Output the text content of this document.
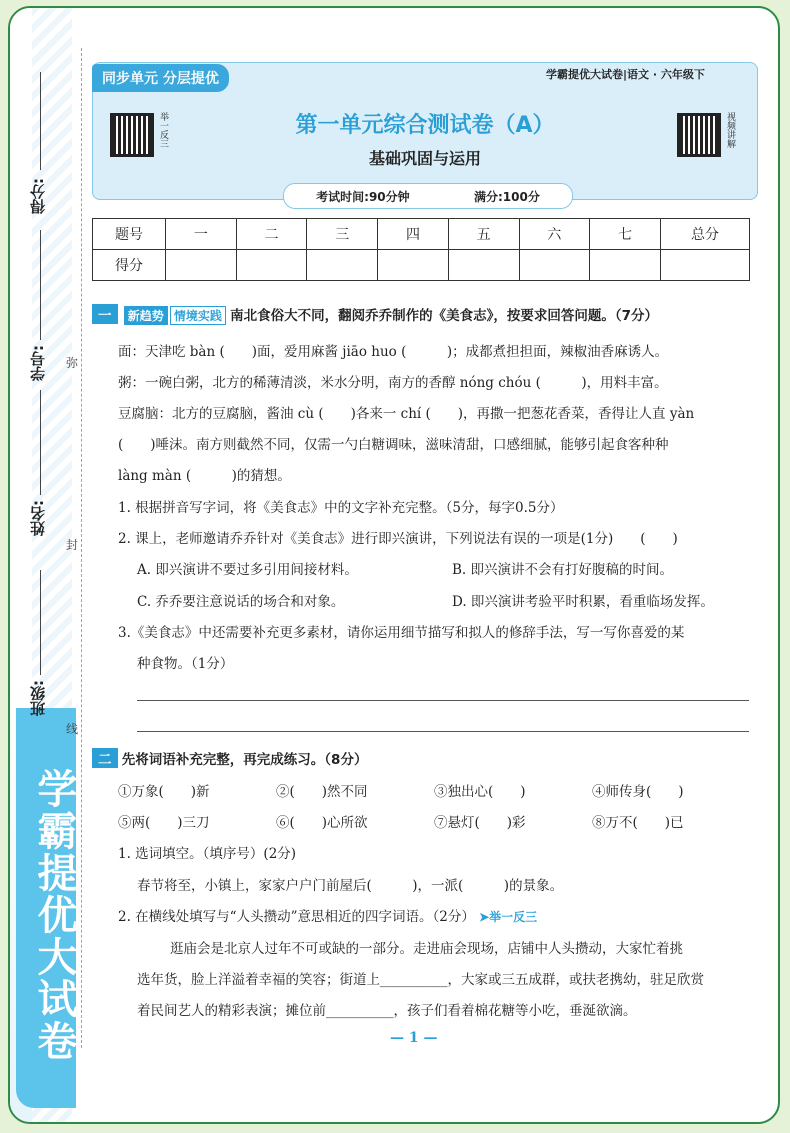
学霸提优大试卷
得分:
学号:
姓名:
班级:
弥
封
线
同步单元 分层提优	学霸提优大试卷|语文 · 六年级下
举一反三	视频讲解
第一单元综合测试卷（A）
基础巩固与运用
考试时间:90分钟	满分:100分
题号	一	二	三	四	五	六	七	总分
得分								
一 新趋势 情境实践 南北食俗大不同，翻阅乔乔制作的《美食志》，按要求回答问题。（7分）
面：天津吃 bàn (　　)面，爱用麻酱 jiāo huo (　　　)；成都煮担担面，辣椒油香麻诱人。
粥：一碗白粥，北方的稀薄清淡，米水分明，南方的香醇 nóng chóu (　　　)，用料丰富。
豆腐脑：北方的豆腐脑，酱油 cù (　　)各来一 chí (　　)，再撒一把葱花香菜，香得让人直 yàn
(　　)唾沫。南方则截然不同，仅需一勺白糖调味，滋味清甜，口感细腻，能够引起食客种种
làng màn (　　　)的猜想。
1. 根据拼音写字词，将《美食志》中的文字补充完整。（5分，每字0.5分）
2. 课上，老师邀请乔乔针对《美食志》进行即兴演讲，下列说法有误的一项是(1分)　　(　　)
A. 即兴演讲不要过多引用间接材料。	B. 即兴演讲不会有打好腹稿的时间。
C. 乔乔要注意说话的场合和对象。	D. 即兴演讲考验平时积累，看重临场发挥。
3.《美食志》中还需要补充更多素材，请你运用细节描写和拟人的修辞手法，写一写你喜爱的某
种食物。（1分）
二 先将词语补充完整，再完成练习。（8分）
①万象(　　)新	②(　　)然不同	③独出心(　　)	④师传身(　　)
⑤两(　　)三刀	⑥(　　)心所欲	⑦悬灯(　　)彩	⑧万不(　　)已
1. 选词填空。（填序号）(2分)
春节将至，小镇上，家家户户门前屋后(　　　)，一派(　　　)的景象。
2. 在横线处填写与“人头攒动”意思相近的四字词语。（2分） ➤举一反三
逛庙会是北京人过年不可或缺的一部分。走进庙会现场，店铺中人头攒动，大家忙着挑
选年货，脸上洋溢着幸福的笑容；街道上__________，大家或三五成群，或扶老携幼，驻足欣赏
着民间艺人的精彩表演；摊位前__________，孩子们看着棉花糖等小吃，垂涎欲滴。
— 1 —
